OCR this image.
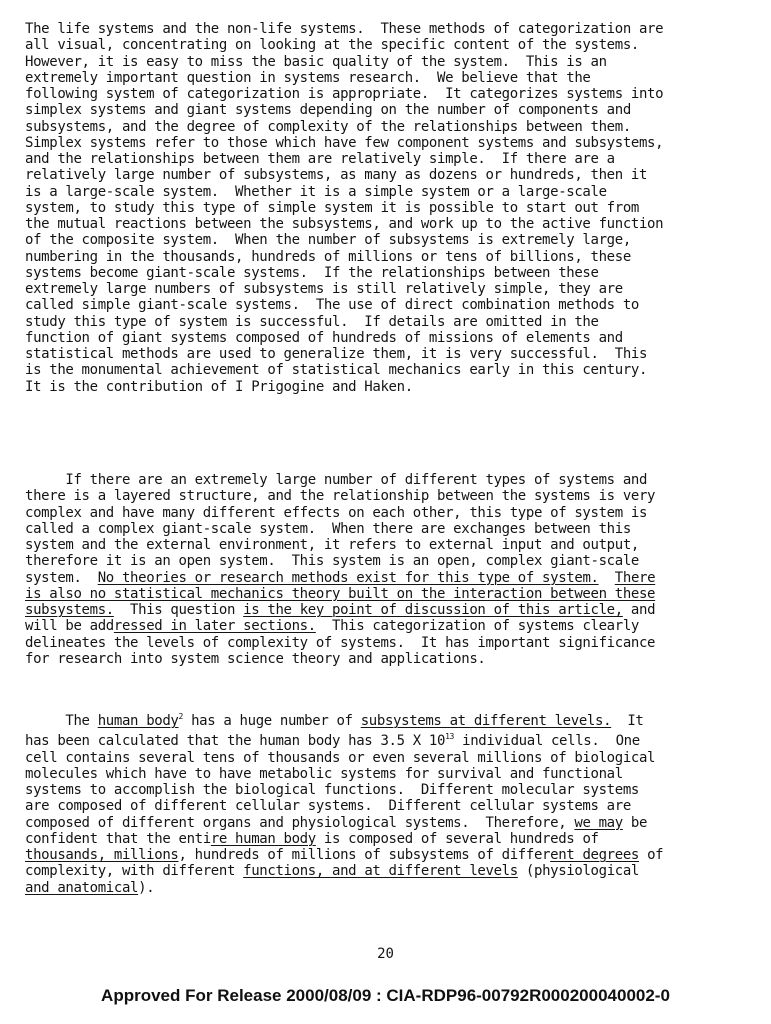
The life systems and the non-life systems.  These methods of categorization are
all visual, concentrating on looking at the specific content of the systems.
However, it is easy to miss the basic quality of the system.  This is an
extremely important question in systems research.  We believe that the
following system of categorization is appropriate.  It categorizes systems into
simplex systems and giant systems depending on the number of components and
subsystems, and the degree of complexity of the relationships between them.
Simplex systems refer to those which have few component systems and subsystems,
and the relationships between them are relatively simple.  If there are a
relatively large number of subsystems, as many as dozens or hundreds, then it
is a large-scale system.  Whether it is a simple system or a large-scale
system, to study this type of simple system it is possible to start out from
the mutual reactions between the subsystems, and work up to the active function
of the composite system.  When the number of subsystems is extremely large,
numbering in the thousands, hundreds of millions or tens of billions, these
systems become giant-scale systems.  If the relationships between these
extremely large numbers of subsystems is still relatively simple, they are
called simple giant-scale systems.  The use of direct combination methods to
study this type of system is successful.  If details are omitted in the
function of giant systems composed of hundreds of missions of elements and
statistical methods are used to generalize them, it is very successful.  This
is the monumental achievement of statistical mechanics early in this century.
It is the contribution of I Prigogine and Haken.

If there are an extremely large number of different types of systems and
there is a layered structure, and the relationship between the systems is very
complex and have many different effects on each other, this type of system is
called a complex giant-scale system.  When there are exchanges between this
system and the external environment, it refers to external input and output,
therefore it is an open system.  This system is an open, complex giant-scale
system.  No theories or research methods exist for this type of system. There
is also no statistical mechanics theory built on the interaction between these
subsystems.  This question is the key point of discussion of this article, and
will be addressed in later sections.  This categorization of systems clearly
delineates the levels of complexity of systems.  It has important significance
for research into system science theory and applications.

The human body$^2$ has a huge number of subsystems at different levels.  It
has been calculated that the human body has 3.5 X $10^{13}$ individual cells.  One
cell contains several tens of thousands or even several millions of biological
molecules which have to have metabolic systems for survival and functional
systems to accomplish the biological functions.  Different molecular systems
are composed of different cellular systems.  Different cellular systems are
composed of different organs and physiological systems.  Therefore, we may be
confident that the entire human body is composed of several hundreds of
thousands, millions, hundreds of millions of subsystems of different degrees of
complexity, with different functions, and at different levels (physiological
and anatomical).

20
Approved For Release 2000/08/09 : CIA-RDP96-00792R000200040002-0
